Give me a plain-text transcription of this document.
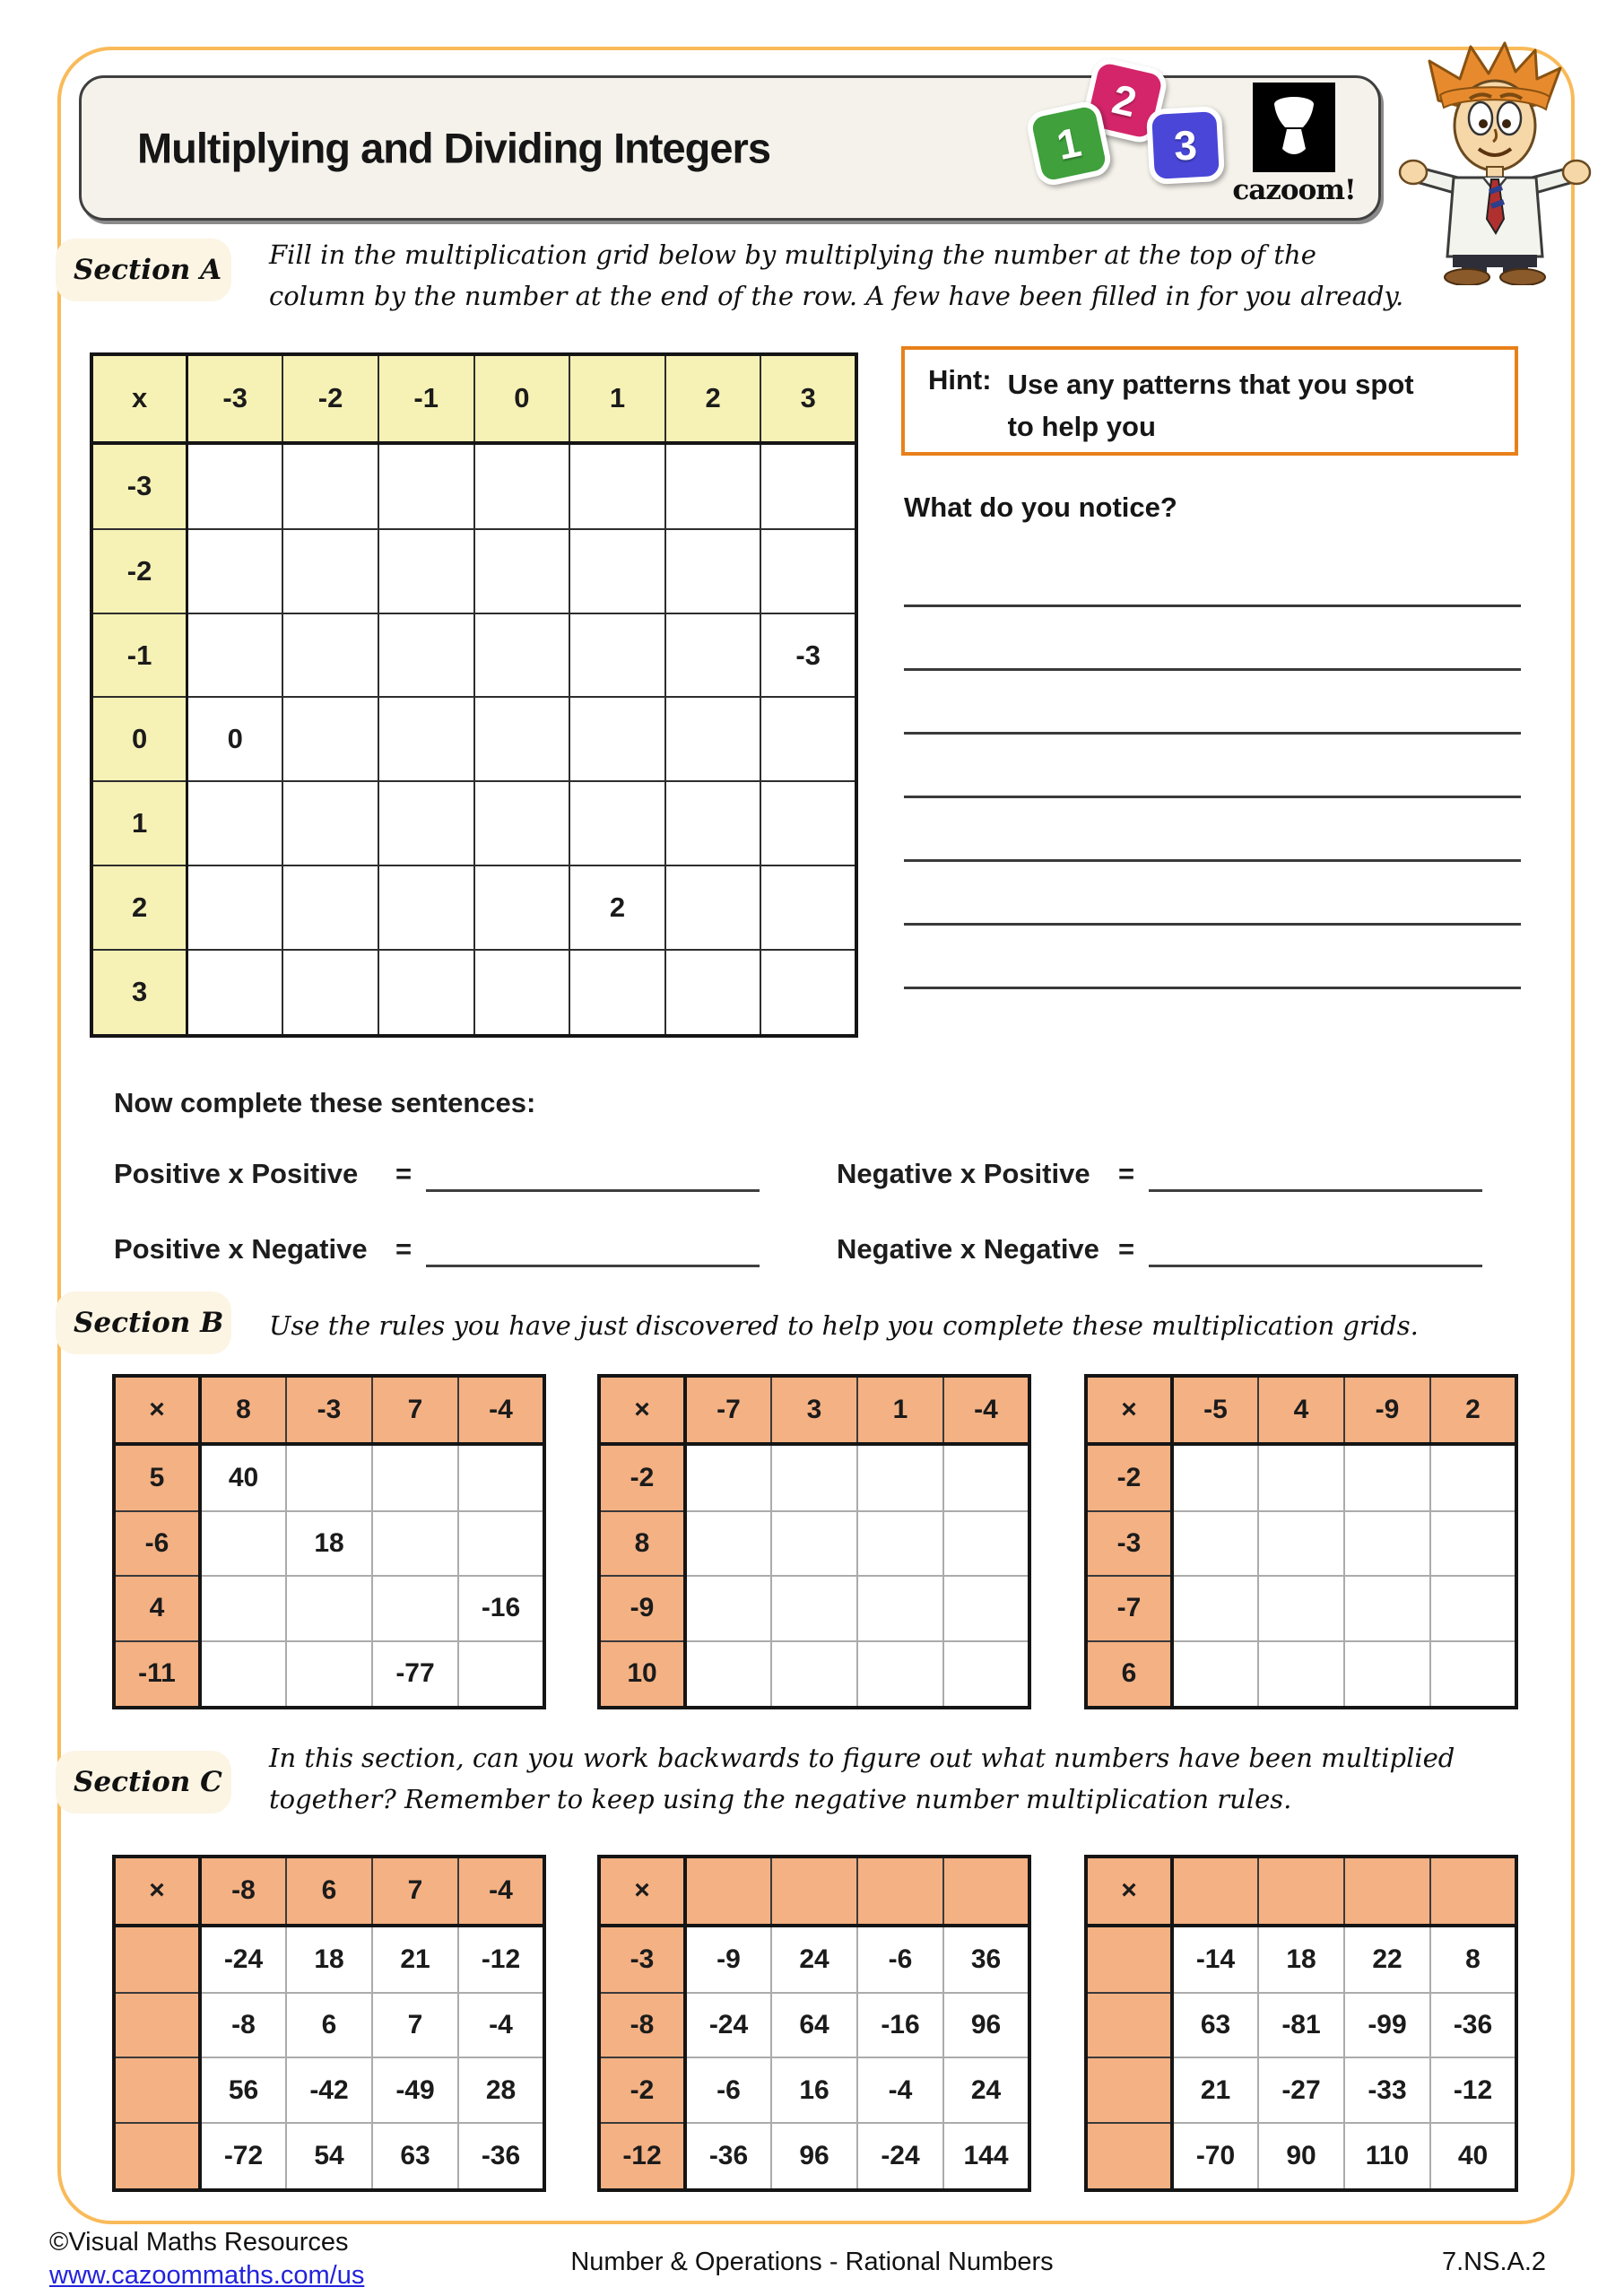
Multiplying and Dividing Integers	1
2
3
cazoom!
Section A Fill in the multiplication grid below by multiplying the number at the top of the
column by the number at the end of the row. A few have been filled in for you already.
x	-3	-2	-1	0	1	2	3
-3							
-2							
-1							-3
0	0						
1							
2					2		
3							
Hint: Use any patterns that you spot
to help you
What do you notice?
Now complete these sentences:
Positive x Positive =	Negative x Positive =
Positive x Negative =	Negative x Negative =
Section B Use the rules you have just discovered to help you complete these multiplication grids.
×	8	-3	7	-4
5	40			
-6		18		
4				-16
-11			-77	
×	-7	3	1	-4
-2				
8				
-9				
10				
×	-5	4	-9	2
-2				
-3				
-7				
6				
Section C
In this section, can you work backwards to figure out what numbers have been multiplied
together? Remember to keep using the negative number multiplication rules.
×	-8	6	7	-4
	-24	18	21	-12
	-8	6	7	-4
	56	-42	-49	28
	-72	54	63	-36
×				
-3	-9	24	-6	36
-8	-24	64	-16	96
-2	-6	16	-4	24
-12	-36	96	-24	144
×				
	-14	18	22	8
	63	-81	-99	-36
	21	-27	-33	-12
	-70	90	110	40
©Visual Maths Resources
www.cazoommaths.com/us	Number & Operations - Rational Numbers	7.NS.A.2
